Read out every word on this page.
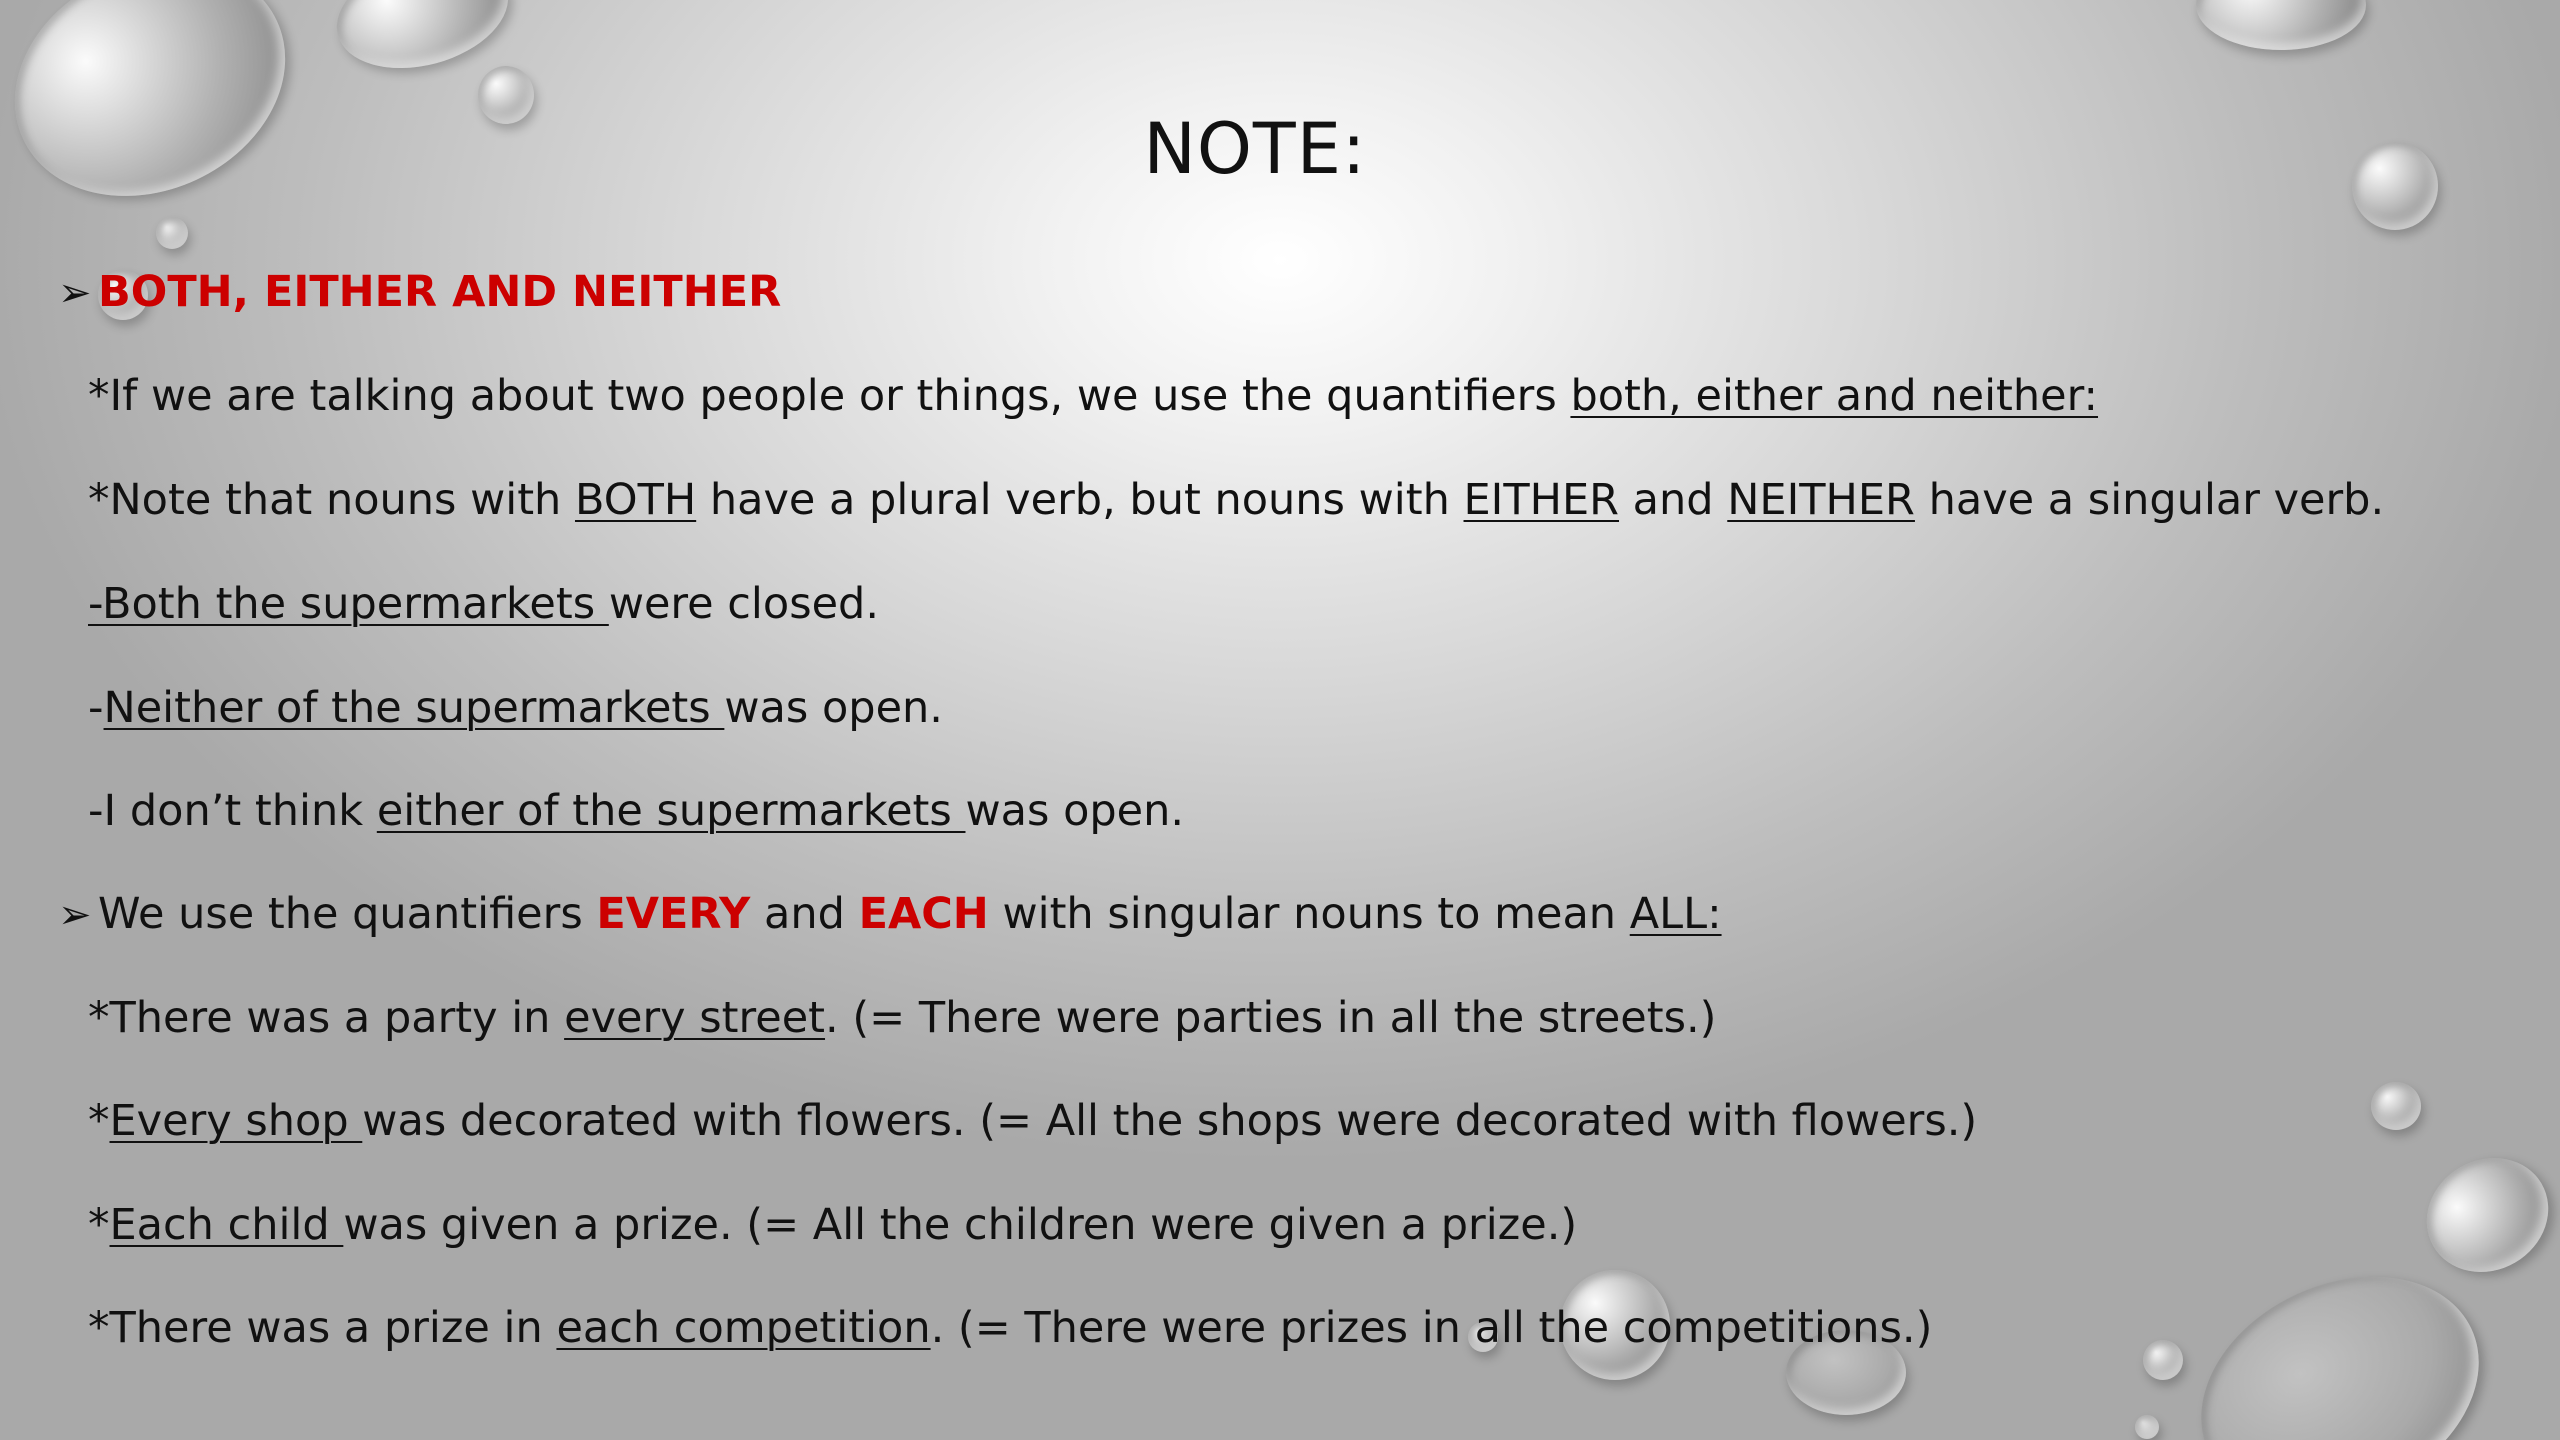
NOTE:
➢ BOTH, EITHER AND NEITHER
*If we are talking about two people or things, we use the quantifiers both, either and neither:
*Note that nouns with BOTH have a plural verb, but nouns with EITHER and NEITHER have a singular verb.
-Both the supermarkets were closed.
-Neither of the supermarkets was open.
-I don’t think either of the supermarkets was open.
➢ We use the quantifiers EVERY and EACH with singular nouns to mean ALL:
*There was a party in every street. (= There were parties in all the streets.)
*Every shop was decorated with flowers. (= All the shops were decorated with flowers.)
*Each child was given a prize. (= All the children were given a prize.)
*There was a prize in each competition. (= There were prizes in all the competitions.)
